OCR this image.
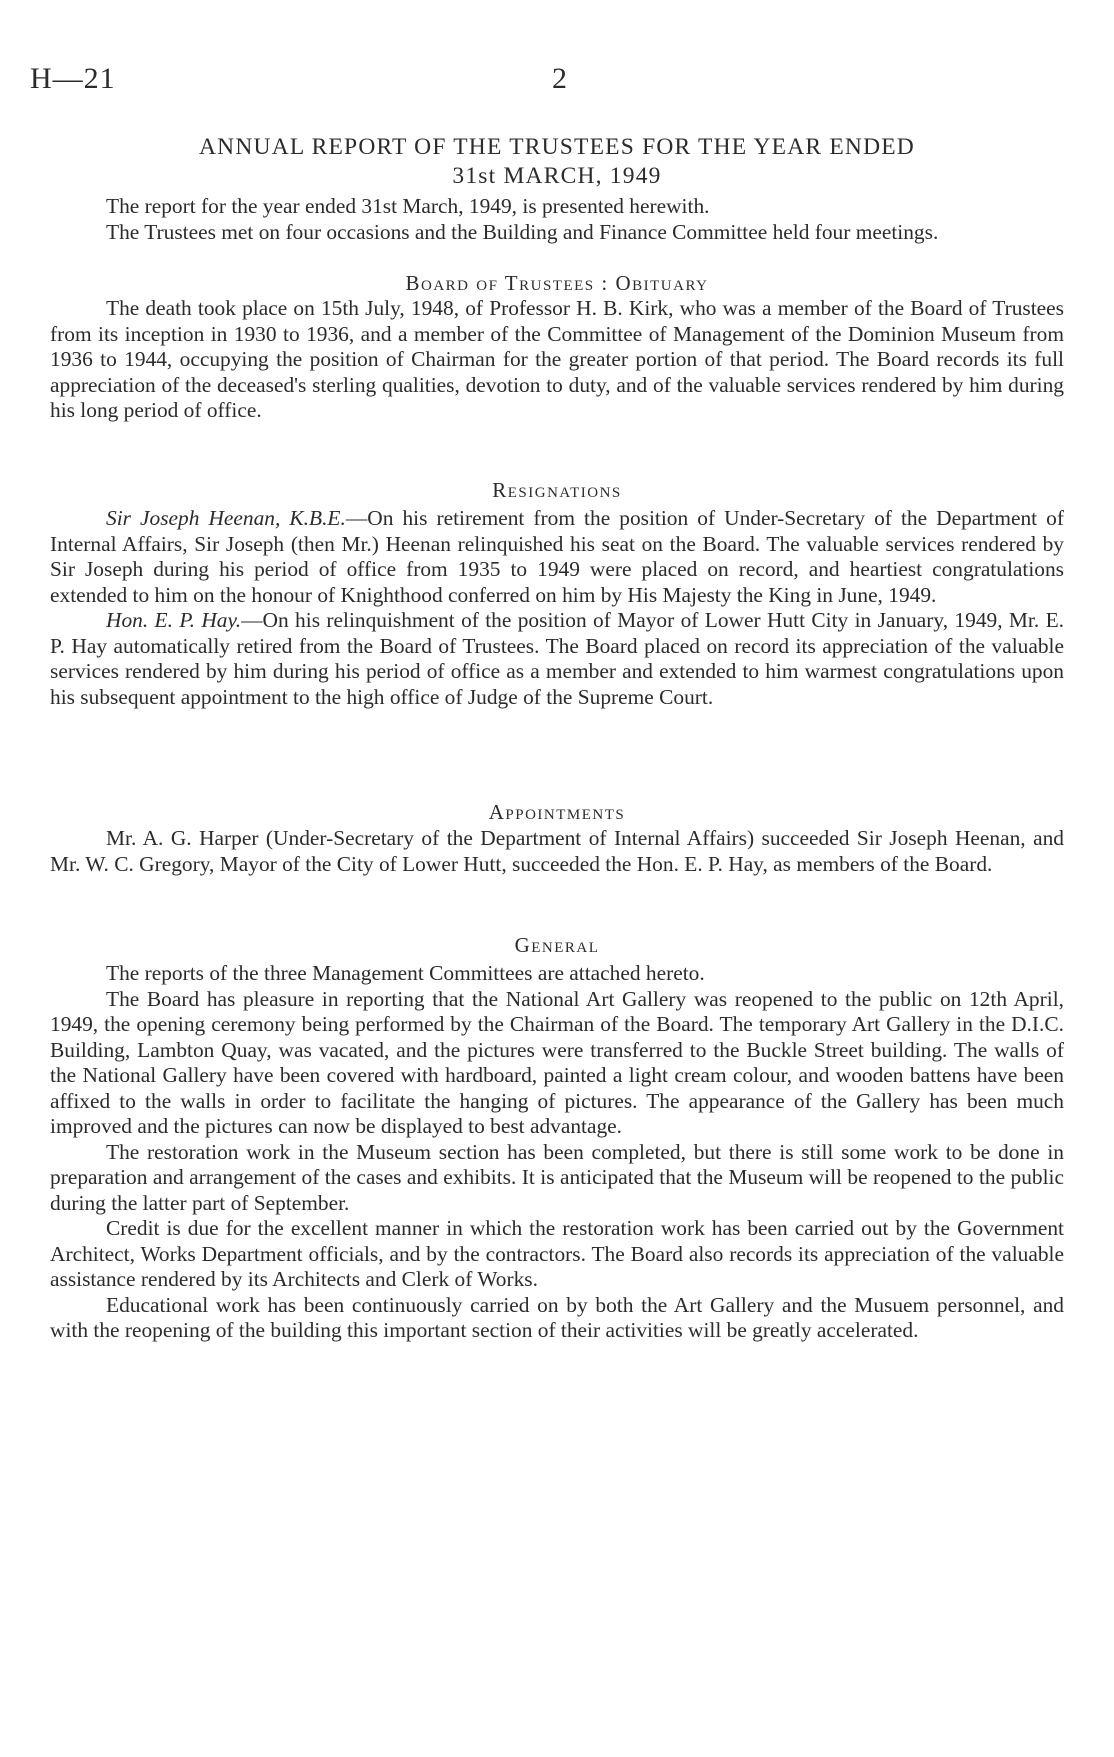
H—21	2
ANNUAL REPORT OF THE TRUSTEES FOR THE YEAR ENDED
31st MARCH, 1949

The report for the year ended 31st March, 1949, is presented herewith.

The Trustees met on four occasions and the Building and Finance Committee held four meetings.

Board of Trustees : Obituary

The death took place on 15th July, 1948, of Professor H. B. Kirk, who was a member of the Board of Trustees from its inception in 1930 to 1936, and a member of the Committee of Management of the Dominion Museum from 1936 to 1944, occupying the position of Chairman for the greater portion of that period. The Board records its full appreciation of the deceased's sterling qualities, devotion to duty, and of the valuable services rendered by him during his long period of office.

Resignations

Sir Joseph Heenan, K.B.E.—On his retirement from the position of Under-Secretary of the Department of Internal Affairs, Sir Joseph (then Mr.) Heenan relinquished his seat on the Board. The valuable services rendered by Sir Joseph during his period of office from 1935 to 1949 were placed on record, and heartiest congratulations extended to him on the honour of Knighthood conferred on him by His Majesty the King in June, 1949.

Hon. E. P. Hay.—On his relinquishment of the position of Mayor of Lower Hutt City in January, 1949, Mr. E. P. Hay automatically retired from the Board of Trustees. The Board placed on record its appreciation of the valuable services rendered by him during his period of office as a member and extended to him warmest congratulations upon his subsequent appointment to the high office of Judge of the Supreme Court.

Appointments

Mr. A. G. Harper (Under-Secretary of the Department of Internal Affairs) succeeded Sir Joseph Heenan, and Mr. W. C. Gregory, Mayor of the City of Lower Hutt, succeeded the Hon. E. P. Hay, as members of the Board.

General

The reports of the three Management Committees are attached hereto.

The Board has pleasure in reporting that the National Art Gallery was reopened to the public on 12th April, 1949, the opening ceremony being performed by the Chairman of the Board. The temporary Art Gallery in the D.I.C. Building, Lambton Quay, was vacated, and the pictures were transferred to the Buckle Street building. The walls of the National Gallery have been covered with hardboard, painted a light cream colour, and wooden battens have been affixed to the walls in order to facilitate the hanging of pictures. The appearance of the Gallery has been much improved and the pictures can now be displayed to best advantage.

The restoration work in the Museum section has been completed, but there is still some work to be done in preparation and arrangement of the cases and exhibits. It is anticipated that the Museum will be reopened to the public during the latter part of September.

Credit is due for the excellent manner in which the restoration work has been carried out by the Government Architect, Works Department officials, and by the contractors. The Board also records its appreciation of the valuable assistance rendered by its Architects and Clerk of Works.

Educational work has been continuously carried on by both the Art Gallery and the Musuem personnel, and with the reopening of the building this important section of their activities will be greatly accelerated.
